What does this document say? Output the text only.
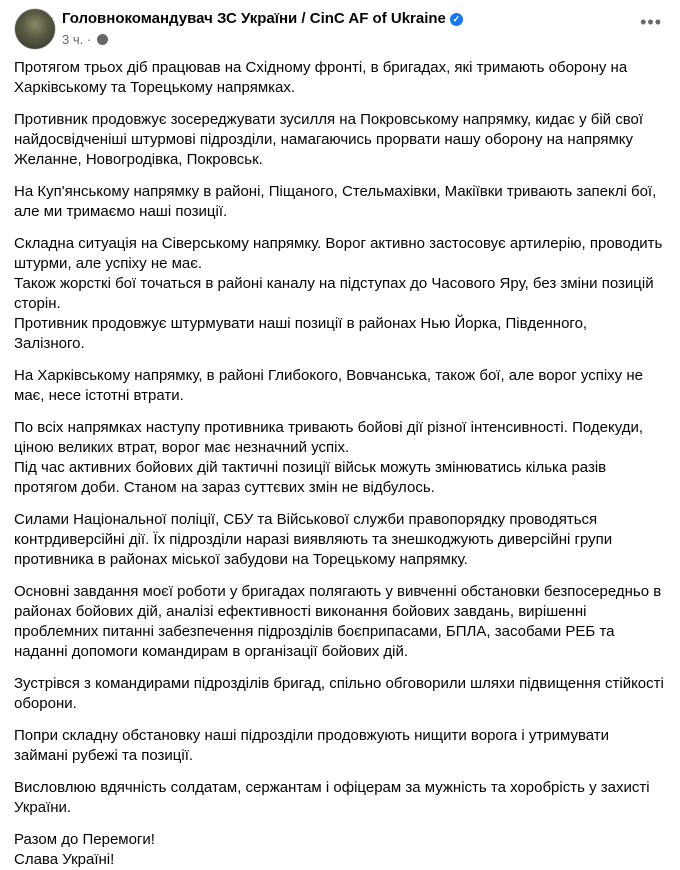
Головнокомандувач ЗС України / CinC AF of Ukraine ✓
3 ч. ·
•••
Протягом трьох діб працював на Східному фронті, в бригадах, які тримають оборону на
Харківському та Торецькому напрямках.
Противник продовжує зосереджувати зусилля на Покровському напрямку, кидає у бій свої
найдосвідченіші штурмові підрозділи, намагаючись прорвати нашу оборону на напрямку
Желанне, Новогродівка, Покровськ.
На Куп'янському напрямку в районі, Піщаного, Стельмахівки, Макіївки тривають запеклі бої,
але ми тримаємо наші позиції.
Складна ситуація на Сіверському напрямку. Ворог активно застосовує артилерію, проводить
штурми, але успіху не має.
Також жорсткі бої точаться в районі каналу на підступах до Часового Яру, без зміни позицій
сторін.
Противник продовжує штурмувати наші позиції в районах Нью Йорка, Південного,
Залізного.
На Харківському напрямку, в районі Глибокого, Вовчанська, також бої, але ворог успіху не
має, несе істотні втрати.
По всіх напрямках наступу противника тривають бойові дії різної інтенсивності. Подекуди,
ціною великих втрат, ворог має незначний успіх.
Під час активних бойових дій тактичні позиції військ можуть змінюватись кілька разів
протягом доби. Станом на зараз суттєвих змін не відбулось.
Силами Національної поліції, СБУ та Військової служби правопорядку проводяться
контрдиверсійні дії. Їх підрозділи наразі виявляють та знешкоджують диверсійні групи
противника в районах міської забудови на Торецькому напрямку.
Основні завдання моєї роботи у бригадах полягають у вивченні обстановки безпосередньо в
районах бойових дій, аналізі ефективності виконання бойових завдань, вирішенні
проблемних питанні забезпечення підрозділів боєприпасами, БПЛА, засобами РЕБ та
наданні допомоги командирам в організації бойових дій.
Зустрівся з командирами підрозділів бригад, спільно обговорили шляхи підвищення стійкості
оборони.
Попри складну обстановку наші підрозділи продовжують нищити ворога і утримувати
займані рубежі та позиції.
Висловлюю вдячність солдатам, сержантам і офіцерам за мужність та хоробрість у захисті
України.
Разом до Перемоги!
Слава Україні!
